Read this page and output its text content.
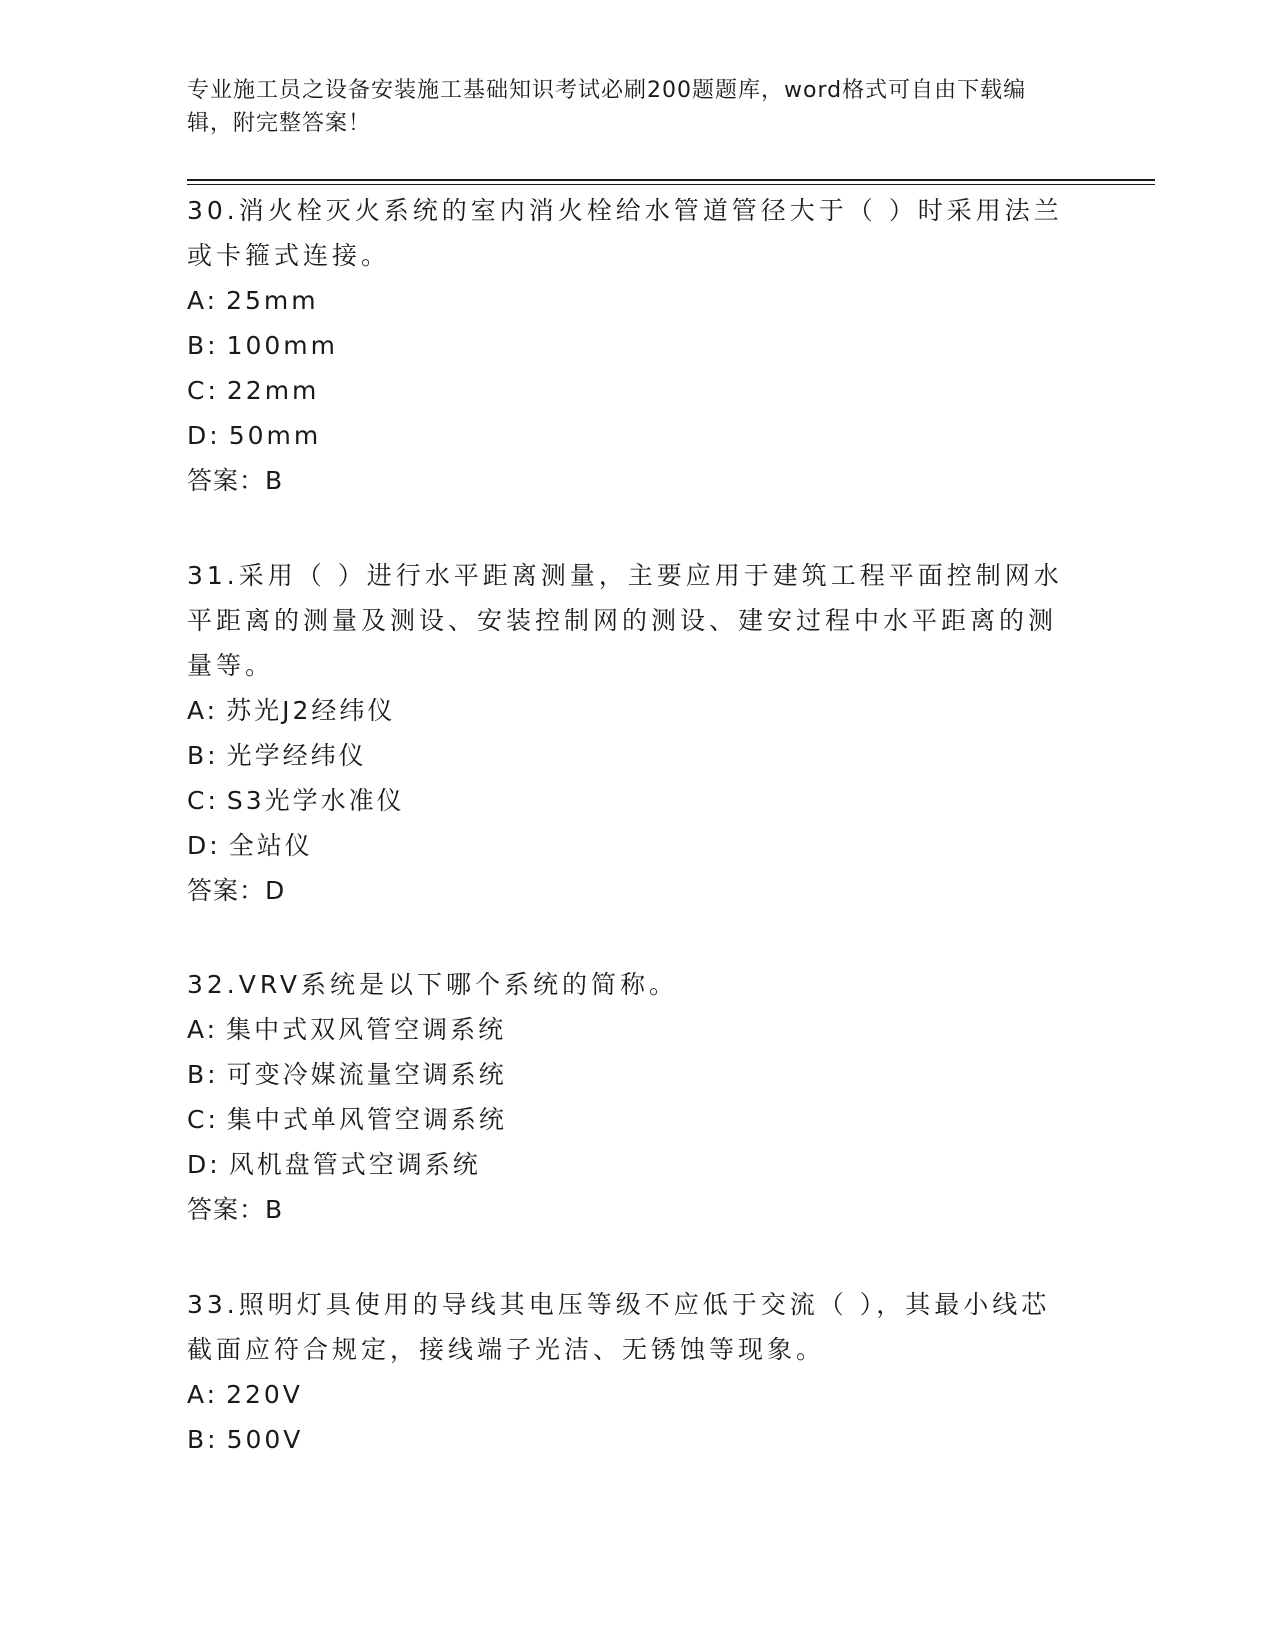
专业施工员之设备安装施工基础知识考试必刷200题题库，word格式可自由下载编辑，附完整答案！

30.消火栓灭火系统的室内消火栓给水管道管径大于（ ）时采用法兰或卡箍式连接。

A: 25mm

B: 100mm

C: 22mm

D: 50mm

答案：B

31.采用（ ）进行水平距离测量，主要应用于建筑工程平面控制网水平距离的测量及测设、安装控制网的测设、建安过程中水平距离的测量等。

A: 苏光J2经纬仪

B: 光学经纬仪

C: S3光学水准仪

D: 全站仪

答案：D

32.VRV系统是以下哪个系统的简称。

A: 集中式双风管空调系统

B: 可变冷媒流量空调系统

C: 集中式单风管空调系统

D: 风机盘管式空调系统

答案：B

33.照明灯具使用的导线其电压等级不应低于交流（ ），其最小线芯截面应符合规定，接线端子光洁、无锈蚀等现象。

A: 220V

B: 500V
